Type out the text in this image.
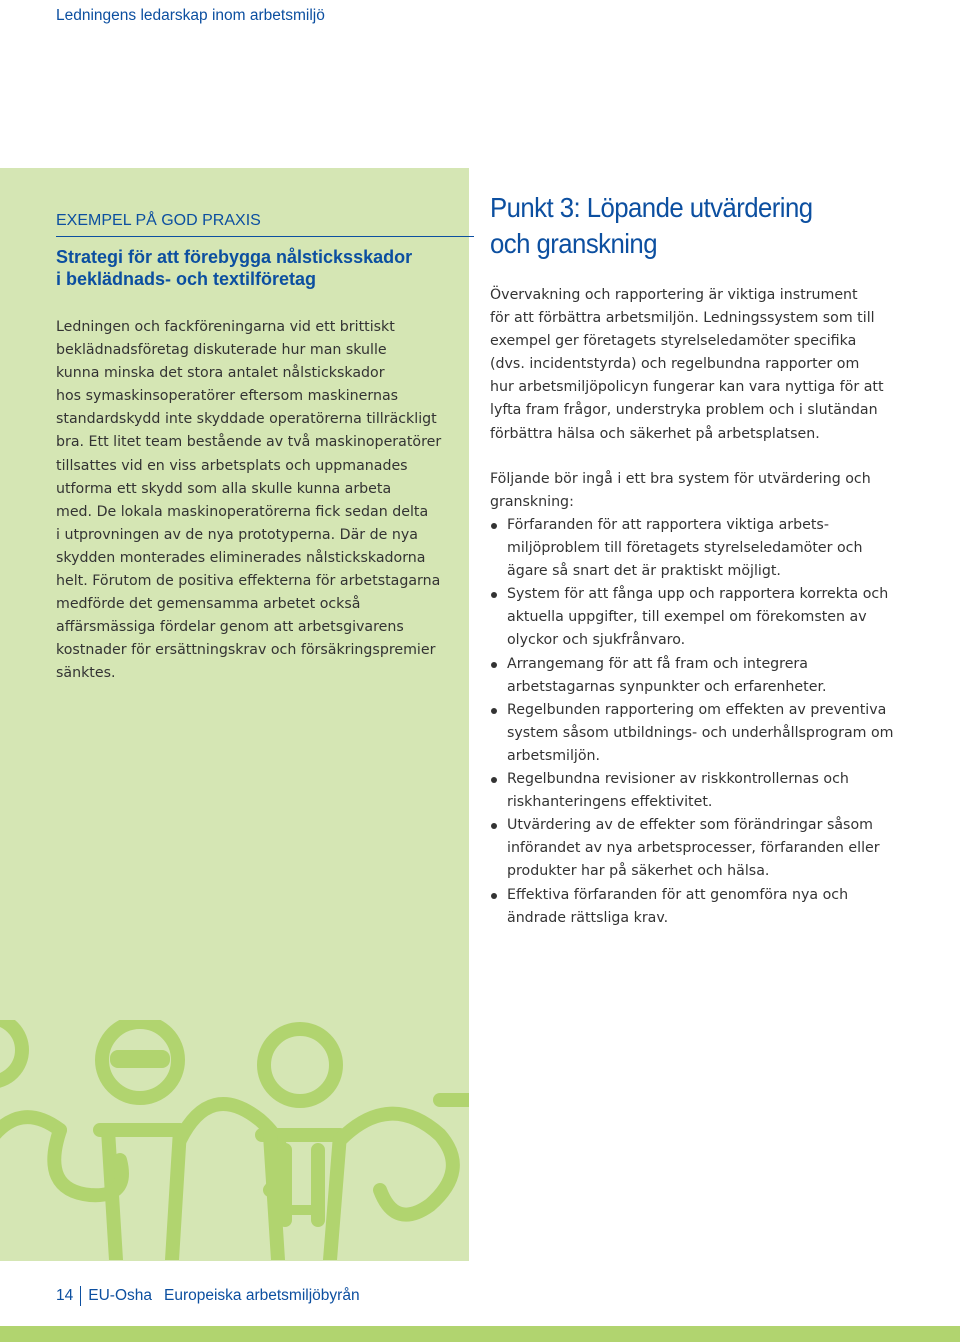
Ledningens ledarskap inom arbetsmiljö
EXEMPEL PÅ GOD PRAXIS
Strategi för att förebygga nålsticksskador
i beklädnads- och textilföretag

Ledningen och fackföreningarna vid ett brittiskt
beklädnadsföretag diskuterade hur man skulle
kunna minska det stora antalet nålstickskador
hos symaskinsoperatörer eftersom maskinernas
standardskydd inte skyddade operatörerna tillräckligt
bra. Ett litet team bestående av två maskinoperatörer
tillsattes vid en viss arbetsplats och uppmanades
utforma ett skydd som alla skulle kunna arbeta
med. De lokala maskinoperatörerna fick sedan delta
i utprovningen av de nya prototyperna. Där de nya
skydden monterades eliminerades nålstickskadorna
helt. Förutom de positiva effekterna för arbetstagarna
medförde det gemensamma arbetet också
affärsmässiga fördelar genom att arbetsgivarens
kostnader för ersättningskrav och försäkringspremier
sänktes.

Punkt 3: Löpande utvärdering
och granskning

Övervakning och rapportering är viktiga instrument
för att förbättra arbetsmiljön. Ledningssystem som till
exempel ger företagets styrelseledamöter specifika
(dvs. incidentstyrda) och regelbundna rapporter om
hur arbetsmiljöpolicyn fungerar kan vara nyttiga för att
lyfta fram frågor, understryka problem och i slutändan
förbättra hälsa och säkerhet på arbetsplatsen.

Följande bör ingå i ett bra system för utvärdering och
granskning:

Förfaranden för att rapportera viktiga arbets-
miljöproblem till företagets styrelseledamöter och
ägare så snart det är praktiskt möjligt.
System för att fånga upp och rapportera korrekta och
aktuella uppgifter, till exempel om förekomsten av
olyckor och sjukfrånvaro.
Arrangemang för att få fram och integrera
arbetstagarnas synpunkter och erfarenheter.
Regelbunden rapportering om effekten av preventiva
system såsom utbildnings- och underhållsprogram om
arbetsmiljön.
Regelbundna revisioner av riskkontrollernas och
riskhanteringens effektivitet.
Utvärdering av de effekter som förändringar såsom
införandet av nya arbetsprocesser, förfaranden eller
produkter har på säkerhet och hälsa.
Effektiva förfaranden för att genomföra nya och
ändrade rättsliga krav.
14 EU-Osha Europeiska arbetsmiljöbyrån
